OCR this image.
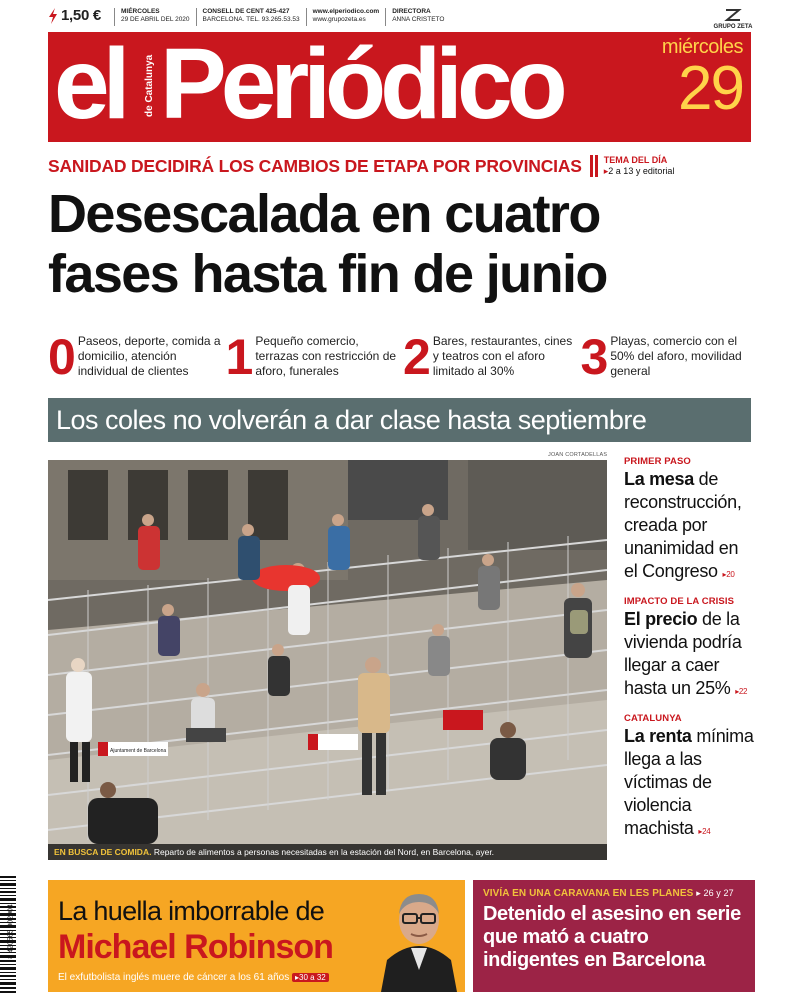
1,50 €	MIÉRCOLES
29 DE ABRIL DEL 2020
CONSELL DE CENT 425-427
BARCELONA. TEL. 93.265.53.53
www.elperiodico.com
www.grupozeta.es
DIRECTORA
ANNA CRISTETO
GRUPO ZETA
el de Catalunya Periódico	miércoles
29
SANIDAD DECIDIRÁ LOS CAMBIOS DE ETAPA POR PROVINCIAS TEMA DEL DÍA
▸2 a 13 y editorial
Desescalada en cuatro
fases hasta fin de junio
0 Paseos, deporte, comida a domicilio, atención individual de clientes 1 Pequeño comercio, terrazas con restricción de aforo, funerales	2 Bares, restaurantes, cines y teatros con el aforo limitado al 30%	3 Playas, comercio con el 50% del aforo, movilidad general
Los coles no volverán a dar clase hasta septiembre
JOAN CORTADELLAS
Ajuntament de Barcelona
EN BUSCA DE COMIDA. Reparto de alimentos a personas necesitadas en la estación del Nord, en Barcelona, ayer.
PRIMER PASO
La mesa de reconstrucción, creada por unanimidad en el Congreso ▸20
IMPACTO DE LA CRISIS
El precio de la vivienda podría llegar a caer hasta un 25% ▸22
CATALUNYA
La renta mínima llega a las víctimas de violencia machista ▸24
8 420565 002004 La huella imborrable de
Michael Robinson
El exfutbolista inglés muere de cáncer a los 61 años ▸30 a 32
VIVÍA EN UNA CARAVANA EN LES PLANES ▸ 26 y 27
Detenido el asesino en serie que mató a cuatro indigentes en Barcelona
